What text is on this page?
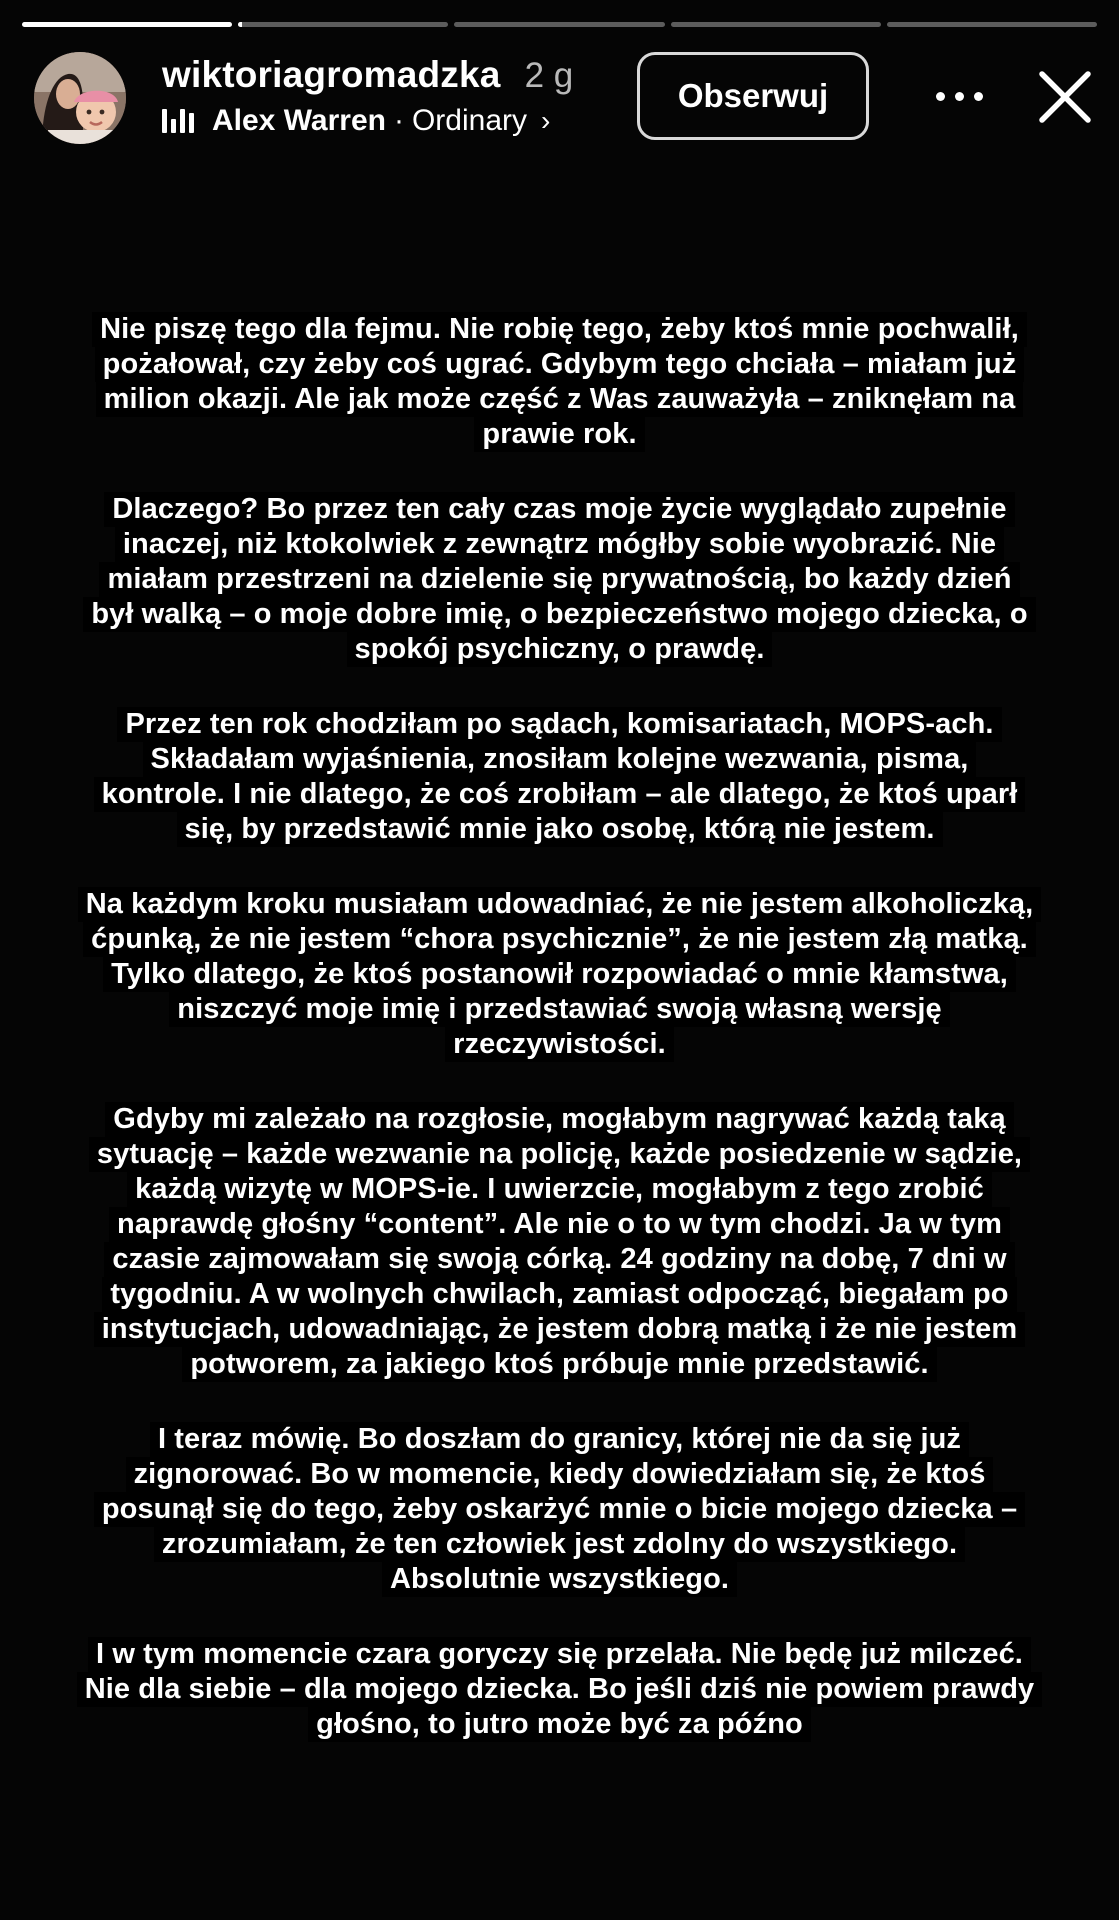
wiktoriagromadzka 2 g
Alex Warren · Ordinary ›
Obserwuj
Nie piszę tego dla fejmu. Nie robię tego, żeby ktoś mnie pochwalił,
pożałował, czy żeby coś ugrać. Gdybym tego chciała – miałam już
milion okazji. Ale jak może część z Was zauważyła – zniknęłam na
prawie rok.
Dlaczego? Bo przez ten cały czas moje życie wyglądało zupełnie
inaczej, niż ktokolwiek z zewnątrz mógłby sobie wyobrazić. Nie
miałam przestrzeni na dzielenie się prywatnością, bo każdy dzień
był walką – o moje dobre imię, o bezpieczeństwo mojego dziecka, o
spokój psychiczny, o prawdę.
Przez ten rok chodziłam po sądach, komisariatach, MOPS-ach.
Składałam wyjaśnienia, znosiłam kolejne wezwania, pisma,
kontrole. I nie dlatego, że coś zrobiłam – ale dlatego, że ktoś uparł
się, by przedstawić mnie jako osobę, którą nie jestem.
Na każdym kroku musiałam udowadniać, że nie jestem alkoholiczką,
ćpunką, że nie jestem “chora psychicznie”, że nie jestem złą matką.
Tylko dlatego, że ktoś postanowił rozpowiadać o mnie kłamstwa,
niszczyć moje imię i przedstawiać swoją własną wersję
rzeczywistości.
Gdyby mi zależało na rozgłosie, mogłabym nagrywać każdą taką
sytuację – każde wezwanie na policję, każde posiedzenie w sądzie,
każdą wizytę w MOPS-ie. I uwierzcie, mogłabym z tego zrobić
naprawdę głośny “content”. Ale nie o to w tym chodzi. Ja w tym
czasie zajmowałam się swoją córką. 24 godziny na dobę, 7 dni w
tygodniu. A w wolnych chwilach, zamiast odpocząć, biegałam po
instytucjach, udowadniając, że jestem dobrą matką i że nie jestem
potworem, za jakiego ktoś próbuje mnie przedstawić.
I teraz mówię. Bo doszłam do granicy, której nie da się już
zignorować. Bo w momencie, kiedy dowiedziałam się, że ktoś
posunął się do tego, żeby oskarżyć mnie o bicie mojego dziecka –
zrozumiałam, że ten człowiek jest zdolny do wszystkiego.
Absolutnie wszystkiego.
I w tym momencie czara goryczy się przelała. Nie będę już milczeć.
Nie dla siebie – dla mojego dziecka. Bo jeśli dziś nie powiem prawdy
głośno, to jutro może być za późno
